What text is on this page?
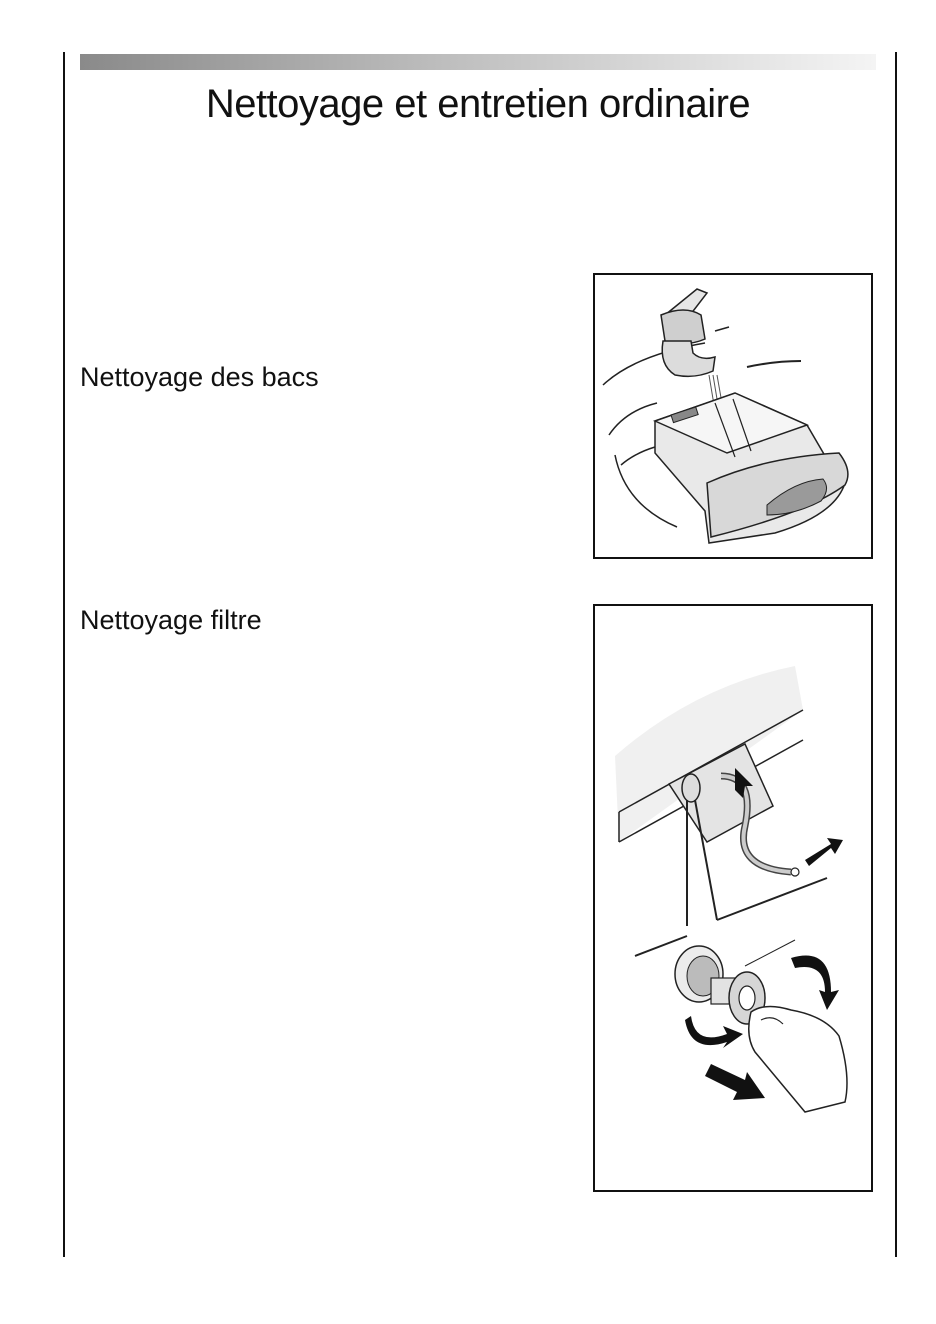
Nettoyage et entretien ordinaire
Nettoyage des bacs
Nettoyage filtre
